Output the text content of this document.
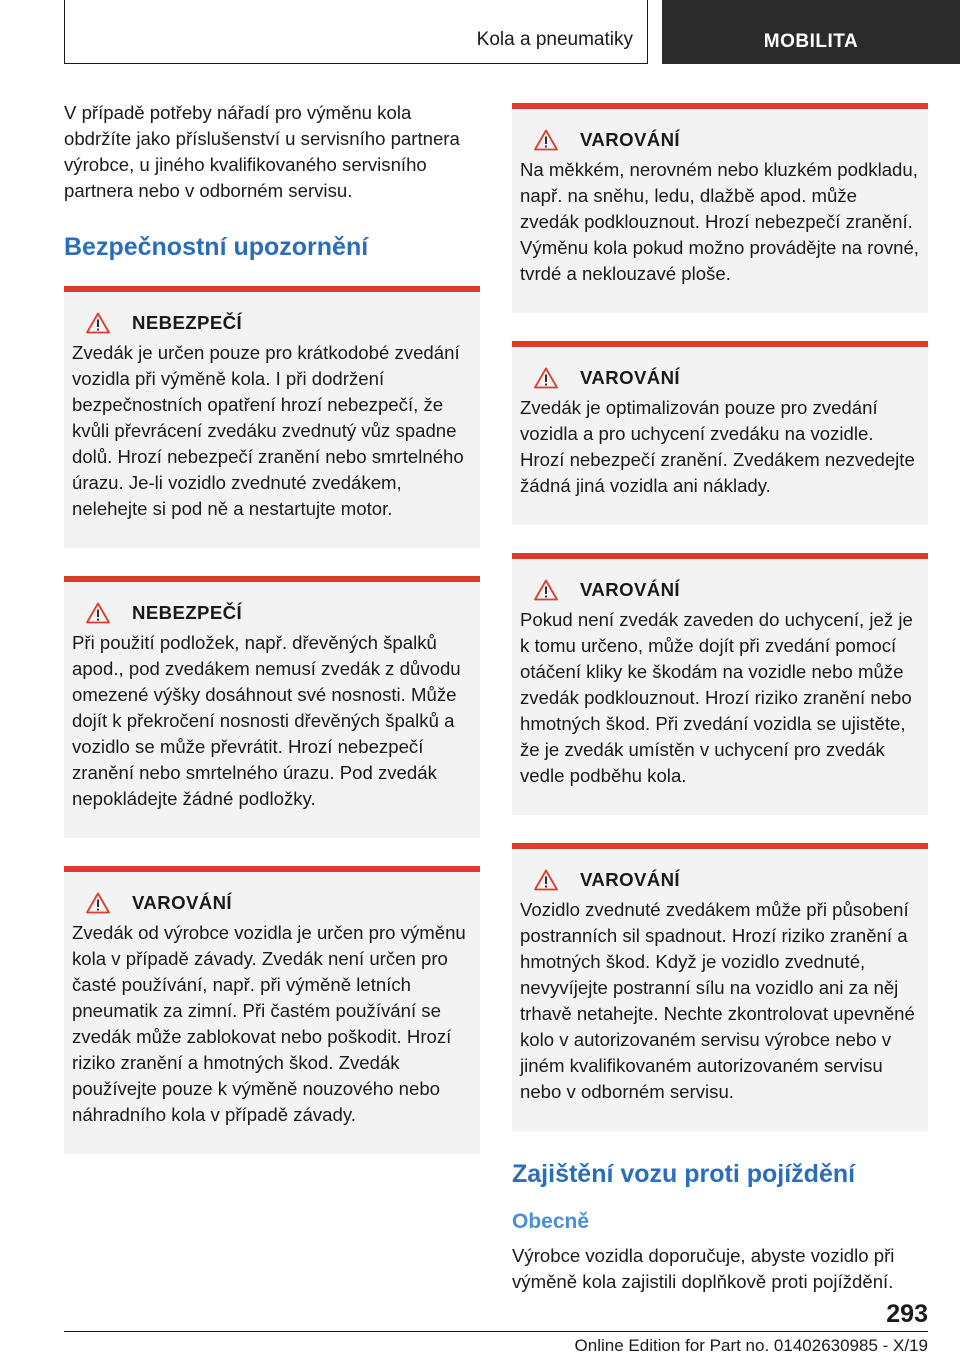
Kola a pneumatiky	MOBILITA

V případě potřeby nářadí pro výměnu kola obdržíte jako příslušenství u servisního partnera výrobce, u jiného kvalifikovaného servisního partnera nebo v odborném servisu.

Bezpečnostní upozornění
NEBEZPEČÍ

Zvedák je určen pouze pro krátkodobé zvedání vozidla při výměně kola. I při dodržení bezpečnostních opatření hrozí nebezpečí, že kvůli převrácení zvedáku zvednutý vůz spadne dolů. Hrozí nebezpečí zranění nebo smrtelného úrazu. Je-li vozidlo zvednuté zvedákem, nelehejte si pod ně a nestartujte motor.

NEBEZPEČÍ

Při použití podložek, např. dřevěných špalků apod., pod zvedákem nemusí zvedák z důvodu omezené výšky dosáhnout své nosnosti. Může dojít k překročení nosnosti dřevěných špalků a vozidlo se může převrátit. Hrozí nebezpečí zranění nebo smrtelného úrazu. Pod zvedák nepokládejte žádné podložky.

VAROVÁNÍ

Zvedák od výrobce vozidla je určen pro výměnu kola v případě závady. Zvedák není určen pro časté používání, např. při výměně letních pneumatik za zimní. Při častém používání se zvedák může zablokovat nebo poškodit. Hrozí riziko zranění a hmotných škod. Zvedák používejte pouze k výměně nouzového nebo náhradního kola v případě závady.

VAROVÁNÍ

Na měkkém, nerovném nebo kluzkém podkladu, např. na sněhu, ledu, dlažbě apod. může zvedák podklouznout. Hrozí nebezpečí zranění. Výměnu kola pokud možno provádějte na rovné, tvrdé a neklouzavé ploše.

VAROVÁNÍ

Zvedák je optimalizován pouze pro zvedání vozidla a pro uchycení zvedáku na vozidle. Hrozí nebezpečí zranění. Zvedákem nezvedejte žádná jiná vozidla ani náklady.

VAROVÁNÍ

Pokud není zvedák zaveden do uchycení, jež je k tomu určeno, může dojít při zvedání pomocí otáčení kliky ke škodám na vozidle nebo může zvedák podklouznout. Hrozí riziko zranění nebo hmotných škod. Při zvedání vozidla se ujistěte, že je zvedák umístěn v uchycení pro zvedák vedle podběhu kola.

VAROVÁNÍ

Vozidlo zvednuté zvedákem může při působení postranních sil spadnout. Hrozí riziko zranění a hmotných škod. Když je vozidlo zvednuté, nevyvíjejte postranní sílu na vozidlo ani za něj trhavě netahejte. Nechte zkontrolovat upevněné kolo v autorizovaném servisu výrobce nebo v jiném kvalifikovaném autorizovaném servisu nebo v odborném servisu.

Zajištění vozu proti pojíždění
Obecně

Výrobce vozidla doporučuje, abyste vozidlo při výměně kola zajistili doplňkově proti pojíždění.

293
Online Edition for Part no. 01402630985 - X/19
